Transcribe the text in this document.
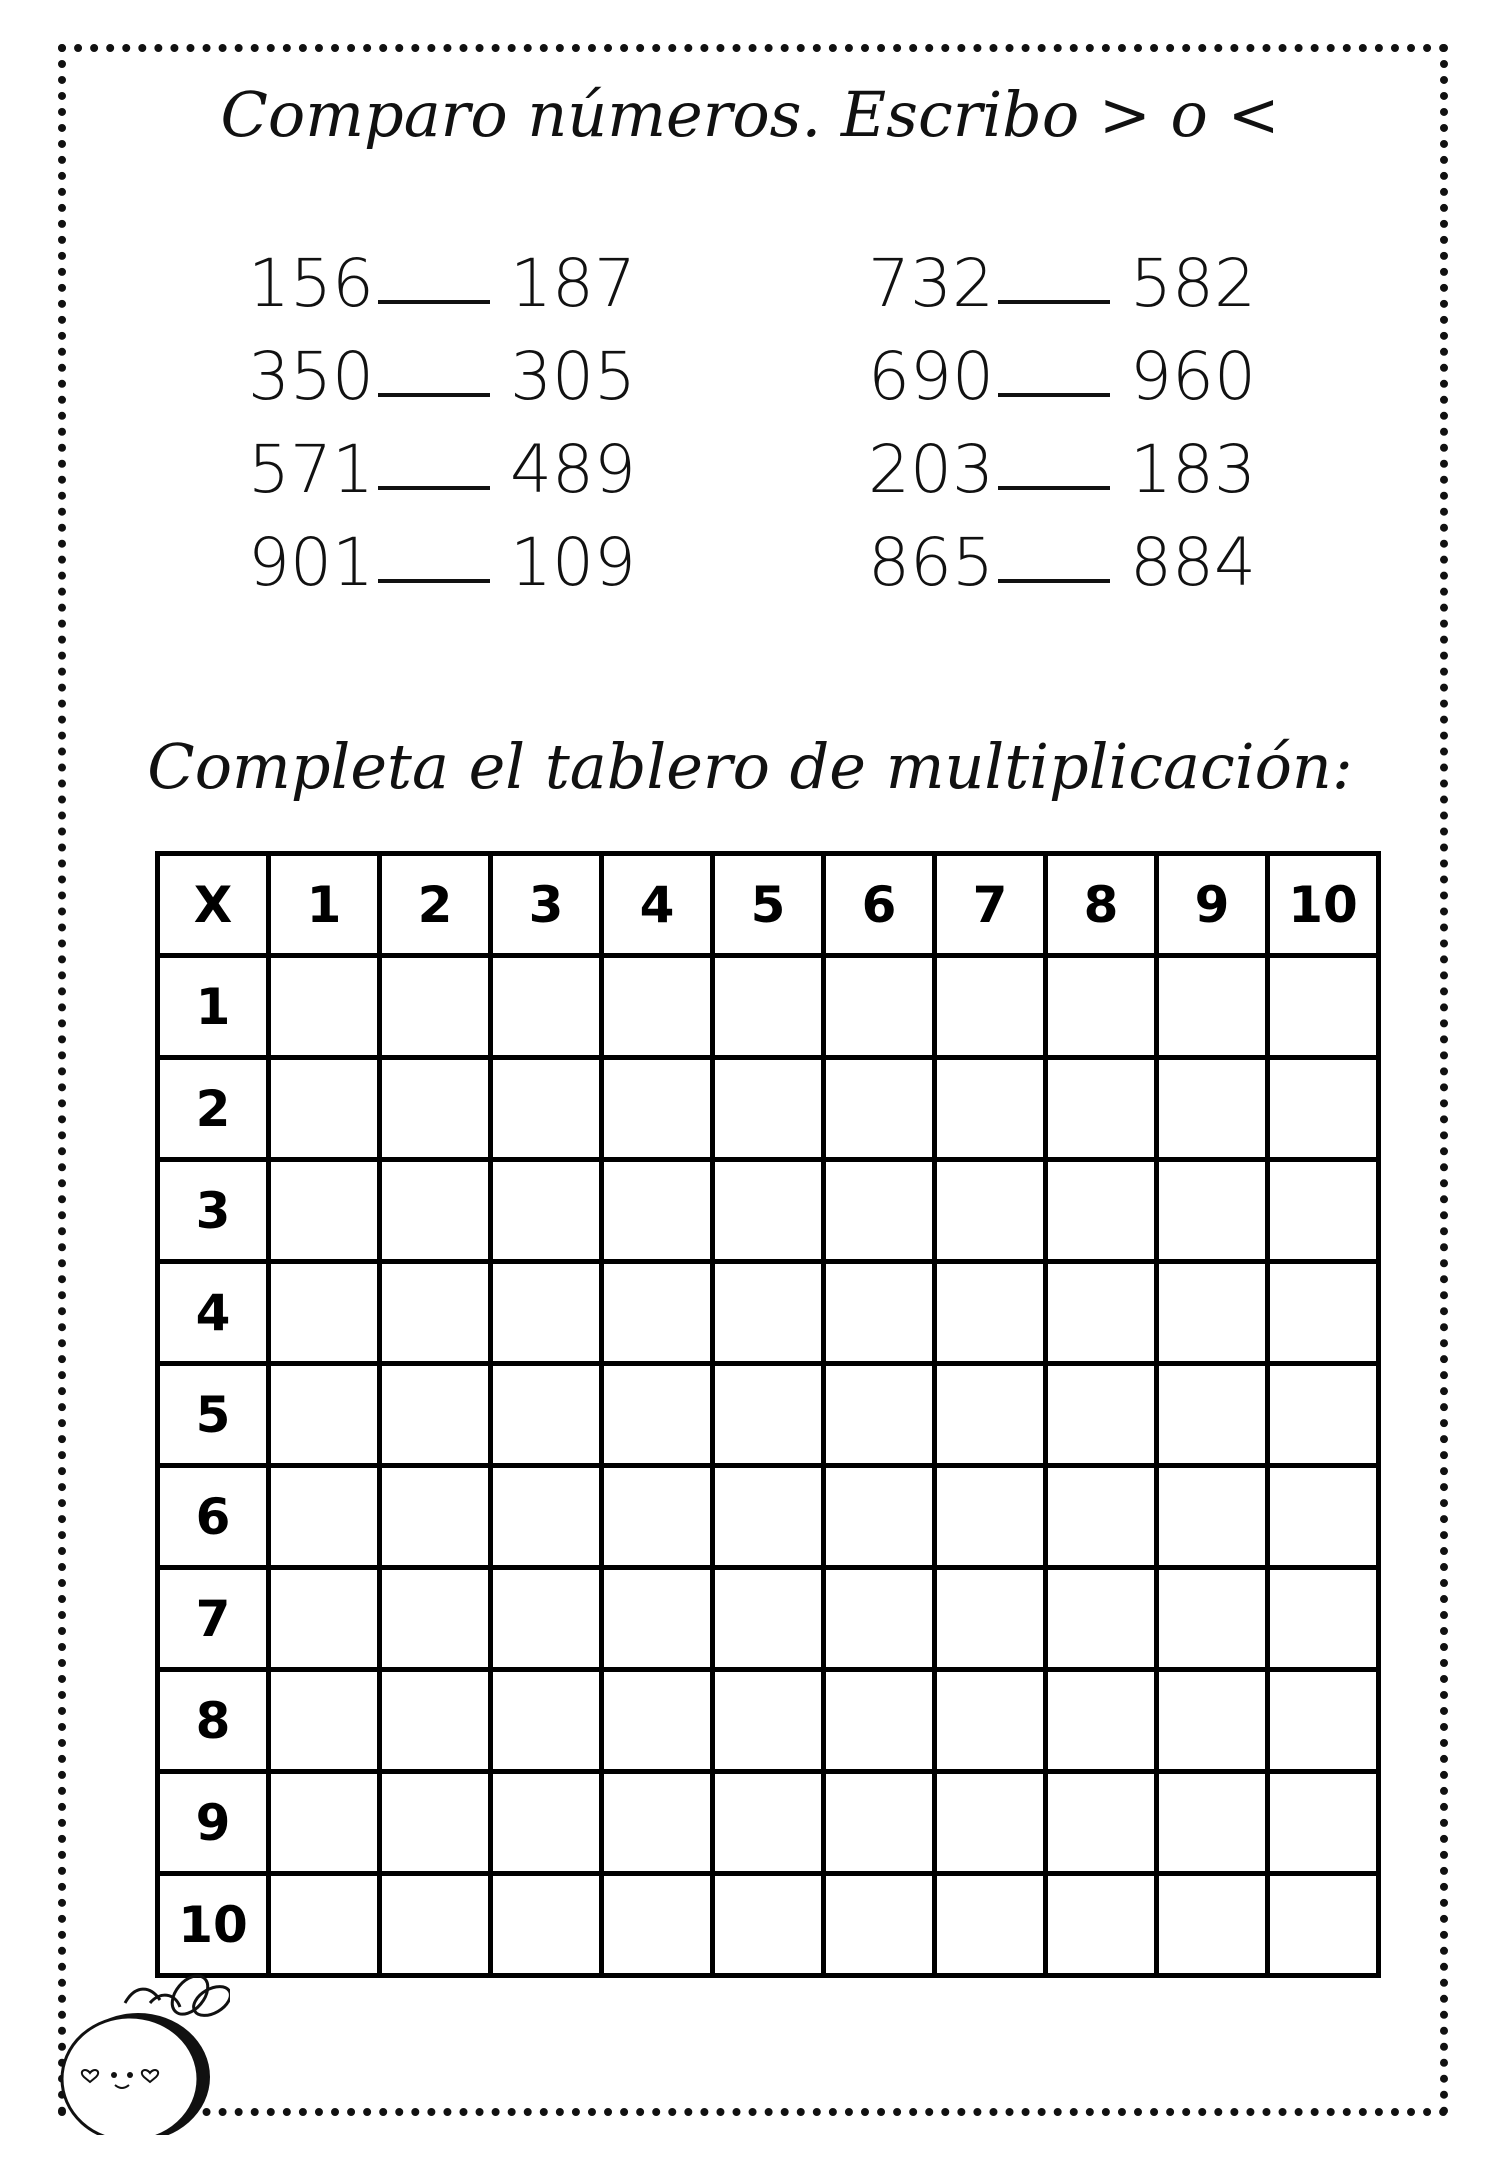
Comparo números. Escribo > o <
156 187
350 305
571 489
901 109
732 582
690 960
203 183
865 884
Completa el tablero de multiplicación:
X	1	2	3	4	5	6	7	8	9	10
1										
2										
3										
4										
5										
6										
7										
8										
9										
10										
